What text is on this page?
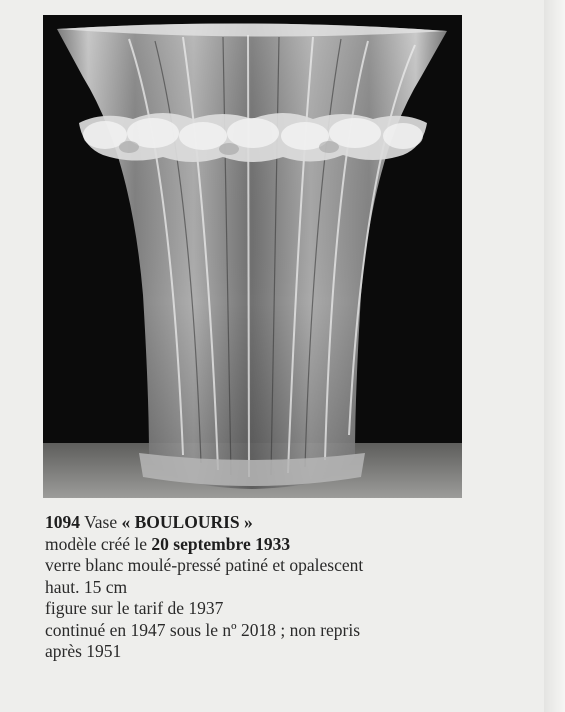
1094 Vase « BOULOURIS »
modèle créé le 20 septembre 1933
verre blanc moulé-pressé patiné et opalescent
haut. 15 cm
figure sur le tarif de 1937
continué en 1947 sous le nº 2018 ; non repris
après 1951
